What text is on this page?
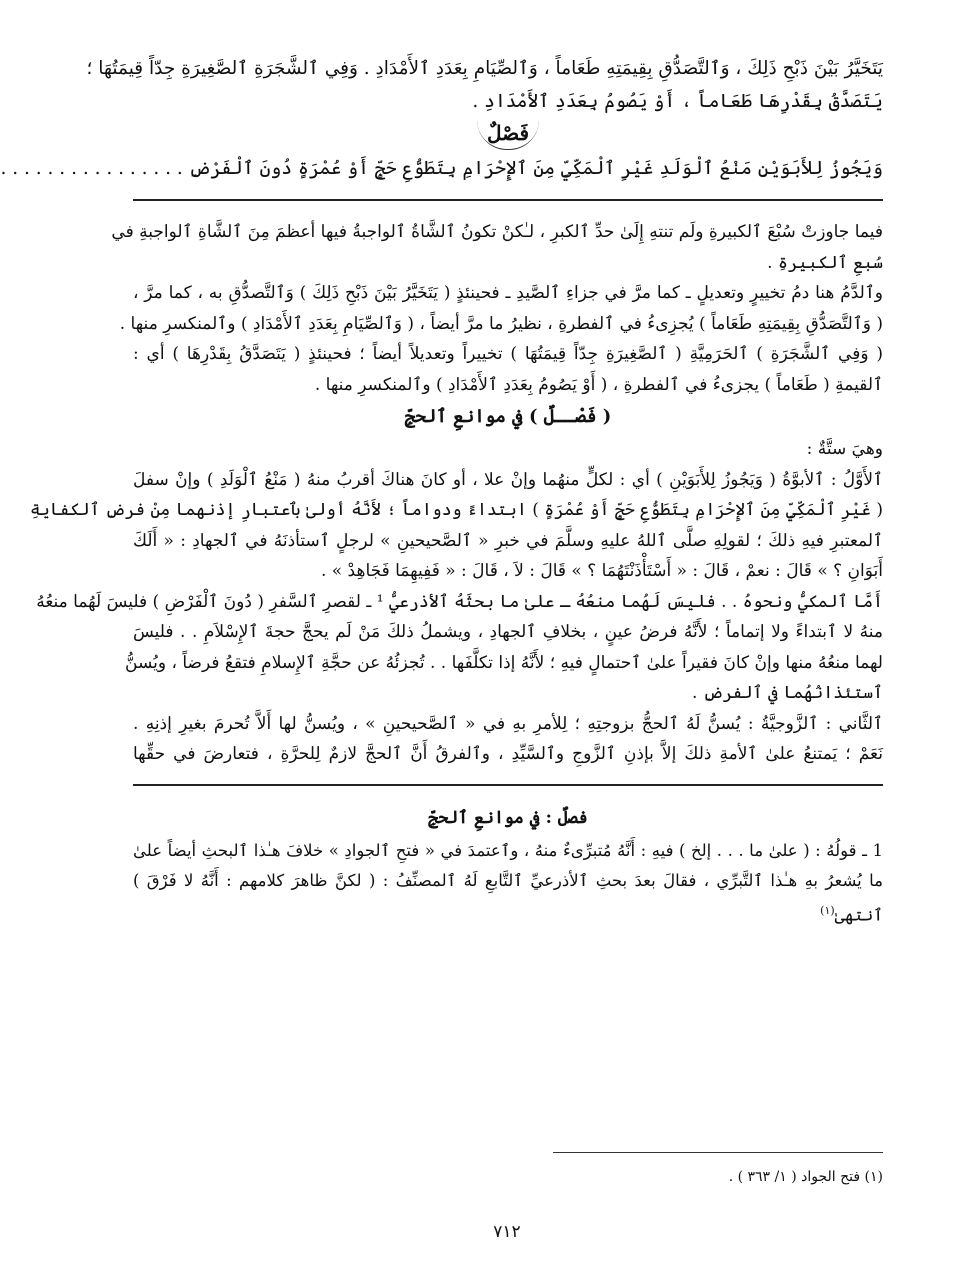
يَتَخَيَّرُ بَيْنَ ذَبْحِ ذَلِكَ ، وَٱلتَّصَدُّقِ بِقِيمَتِهِ طَعَاماً ، وَٱلصِّيَامِ بِعَدَدِ ٱلأَمْدَادِ . وَفِي ٱلشَّجَرَةِ ٱلصَّغِيرَةِ جِدّاً قِيمَتُهَا ؛
يَتَصَدَّقُ بِقَدْرِهَا طَعَاماً ، أَوْ يَصُومُ بِعَدَدِ ٱلأَمْدَادِ .
فَصْلٌ
وَيَجُوزُ لِلأَبَوَيْنِ مَنْعُ ٱلْوَلَدِ غَيْرِ ٱلْمَكِّيِّ مِنَ ٱلإِحْرَامِ بِتَطَوُّعِ حَجٍّ أَوْ عُمْرَةٍ دُونَ ٱلْفَرْضِ . . . . . . . . . . . . . . . .
فيما جاوزتْ سُبْعَ ٱلكبيرةِ ولَم تنتهِ إِلَىٰ حدِّ ٱلكبرِ ، لـٰكنْ تكونُ ٱلشَّاةُ ٱلواجبةُ فيها أعظمَ مِنَ ٱلشَّاةِ ٱلواجبةِ في
سُبعِ ٱلكبيرةِ .
وٱلدَّمُ هنا دمُ تخييرٍ وتعديلٍ ـ كما مرَّ في جزاءِ ٱلصَّيدِ ـ فحينئذٍ ( يَتَخَيَّرُ بَيْنَ ذَبْحِ ذَلِكَ ) وَٱلتَّصدُّقِ به ، كما مرَّ ،
( وَٱلتَّصَدُّقِ بِقِيمَتِهِ طَعَاماً ) يُجزِىءُ في ٱلفطرةِ ، نظيرُ ما مرَّ أيضاً ، ( وَٱلصِّيَامِ بِعَدَدِ ٱلأَمْدَادِ ) وٱلمنكسرِ منها .
( وَفِي ٱلشَّجَرَةِ ) ٱلحَرَمِيَّةِ ( ٱلصَّغِيرَةِ جِدّاً قِيمَتُهَا ) تخييراً وتعديلاً أيضاً ؛ فحينئذٍ ( يَتَصَدَّقُ بِقَدْرِهَا ) أي :
ٱلقيمةِ ( طَعَاماً ) يجزىءُ في ٱلفطرةِ ، ( أَوْ يَصُومُ بِعَدَدِ ٱلأَمْدَادِ ) وٱلمنكسرِ منها .
( فَصْــلٌ ) في موانعِ ٱلحجِّ
وهيَ ستَّةٌ :
ٱلأَوَّلُ : ٱلأبوَّةُ ( وَيَجُوزُ لِلأَبَوَيْنِ ) أي : لكلٍّ منهُما وإنْ علا ، أو كانَ هناكَ أقربُ منهُ ( مَنْعُ ٱلْوَلَدِ ) وإنْ سفلَ
( غَيْرِ ٱلْمَكِّيِّ مِنَ ٱلإِحْرَامِ بِتَطَوُّعِ حَجٍّ أَوْ عُمْرَةٍ ) ابتداءً ودواماً ؛ لأَنَّهُ أولىٰ بٱعتبارِ إذنهما مِنْ فرضِ ٱلكفايةِ
ٱلمعتبرِ فيهِ ذلكَ ؛ لقولِهِ صلَّى ٱللهُ عليهِ وسلَّمَ في خبرِ « ٱلصَّحيحينِ » لرجلٍ ٱستأذنَهُ في ٱلجهادِ : « أَلَكَ
أَبَوَانِ ؟ » قَالَ : نعمْ ، قَالَ : « أَسْتَأْذَنْتَهُمَا ؟ » قَالَ : لاَ ، قَالَ : « فَفِيهِمَا فَجَاهِدْ » .
أَمَّا ٱلمكيُّ ونحوهُ . . فليسَ لَهُما منعُهُ ـ علىٰ ما بحثَهُ ٱلأذرعيُّ ¹ ـ لقصرِ ٱلسَّفرِ ( دُونَ ٱلْفَرْضِ ) فليسَ لَهُما منعُهُ
منهُ لا ٱبتداءً ولا إتماماً ؛ لأَنَّهُ فرضُ عينٍ ، بخلافِ ٱلجهادِ ، ويشملُ ذلكَ مَنْ لَم يحجَّ حجةَ ٱلإِسْلاَمِ . . فليسَ
لهما منعُهُ منها وإنْ كانَ فقيراً علىٰ ٱحتمالٍ فيهِ ؛ لأَنَّهُ إذا تكلَّفَها . . تُجزئُهُ عن حجَّةِ ٱلإِسلامِ فتقعُ فرضاً ، ويُسنُّ
ٱستئذانُهُما في ٱلفرضِ .
ٱلثَّاني : ٱلزَّوجيَّةُ : يُسنُّ لَهُ ٱلحجُّ بزوجتِهِ ؛ لِلأمرِ بهِ في « ٱلصَّحيحينِ » ، ويُسنُّ لها أَلاَّ تُحرمَ بغيرِ إذنِهِ .
نَعَمْ ؛ يَمتنعُ علىٰ ٱلأمةِ ذلكَ إلاَّ بإذنِ ٱلزَّوجِ وٱلسَّيِّدِ ، وٱلفرقُ أَنَّ ٱلحجَّ لازمٌ لِلحرَّةِ ، فتعارضَ في حقِّها
فصلٌ : في موانعِ ٱلحجِّ
1 ـ قولُهُ : ( علىٰ ما . . . إلخ ) فيهِ : أَنَّهُ مُتبرِّىءٌ منهُ ، وٱعتمدَ في « فتحِ ٱلجوادِ » خلافَ هـٰذا ٱلبحثِ أيضاً علىٰ
ما يُشعرُ بهِ هـٰذا ٱلتَّبرِّي ، فقالَ بعدَ بحثِ ٱلأذرعيِّ ٱلتَّابعِ لَهُ ٱلمصنِّفُ : ( لكنَّ ظاهرَ كلامهم : أَنَّهُ لا فَرْقَ )
ٱنتهىٰ$^{(١)}$
(١) فتح الجواد ( ١/ ٣٦٣ ) .
٧١٢
